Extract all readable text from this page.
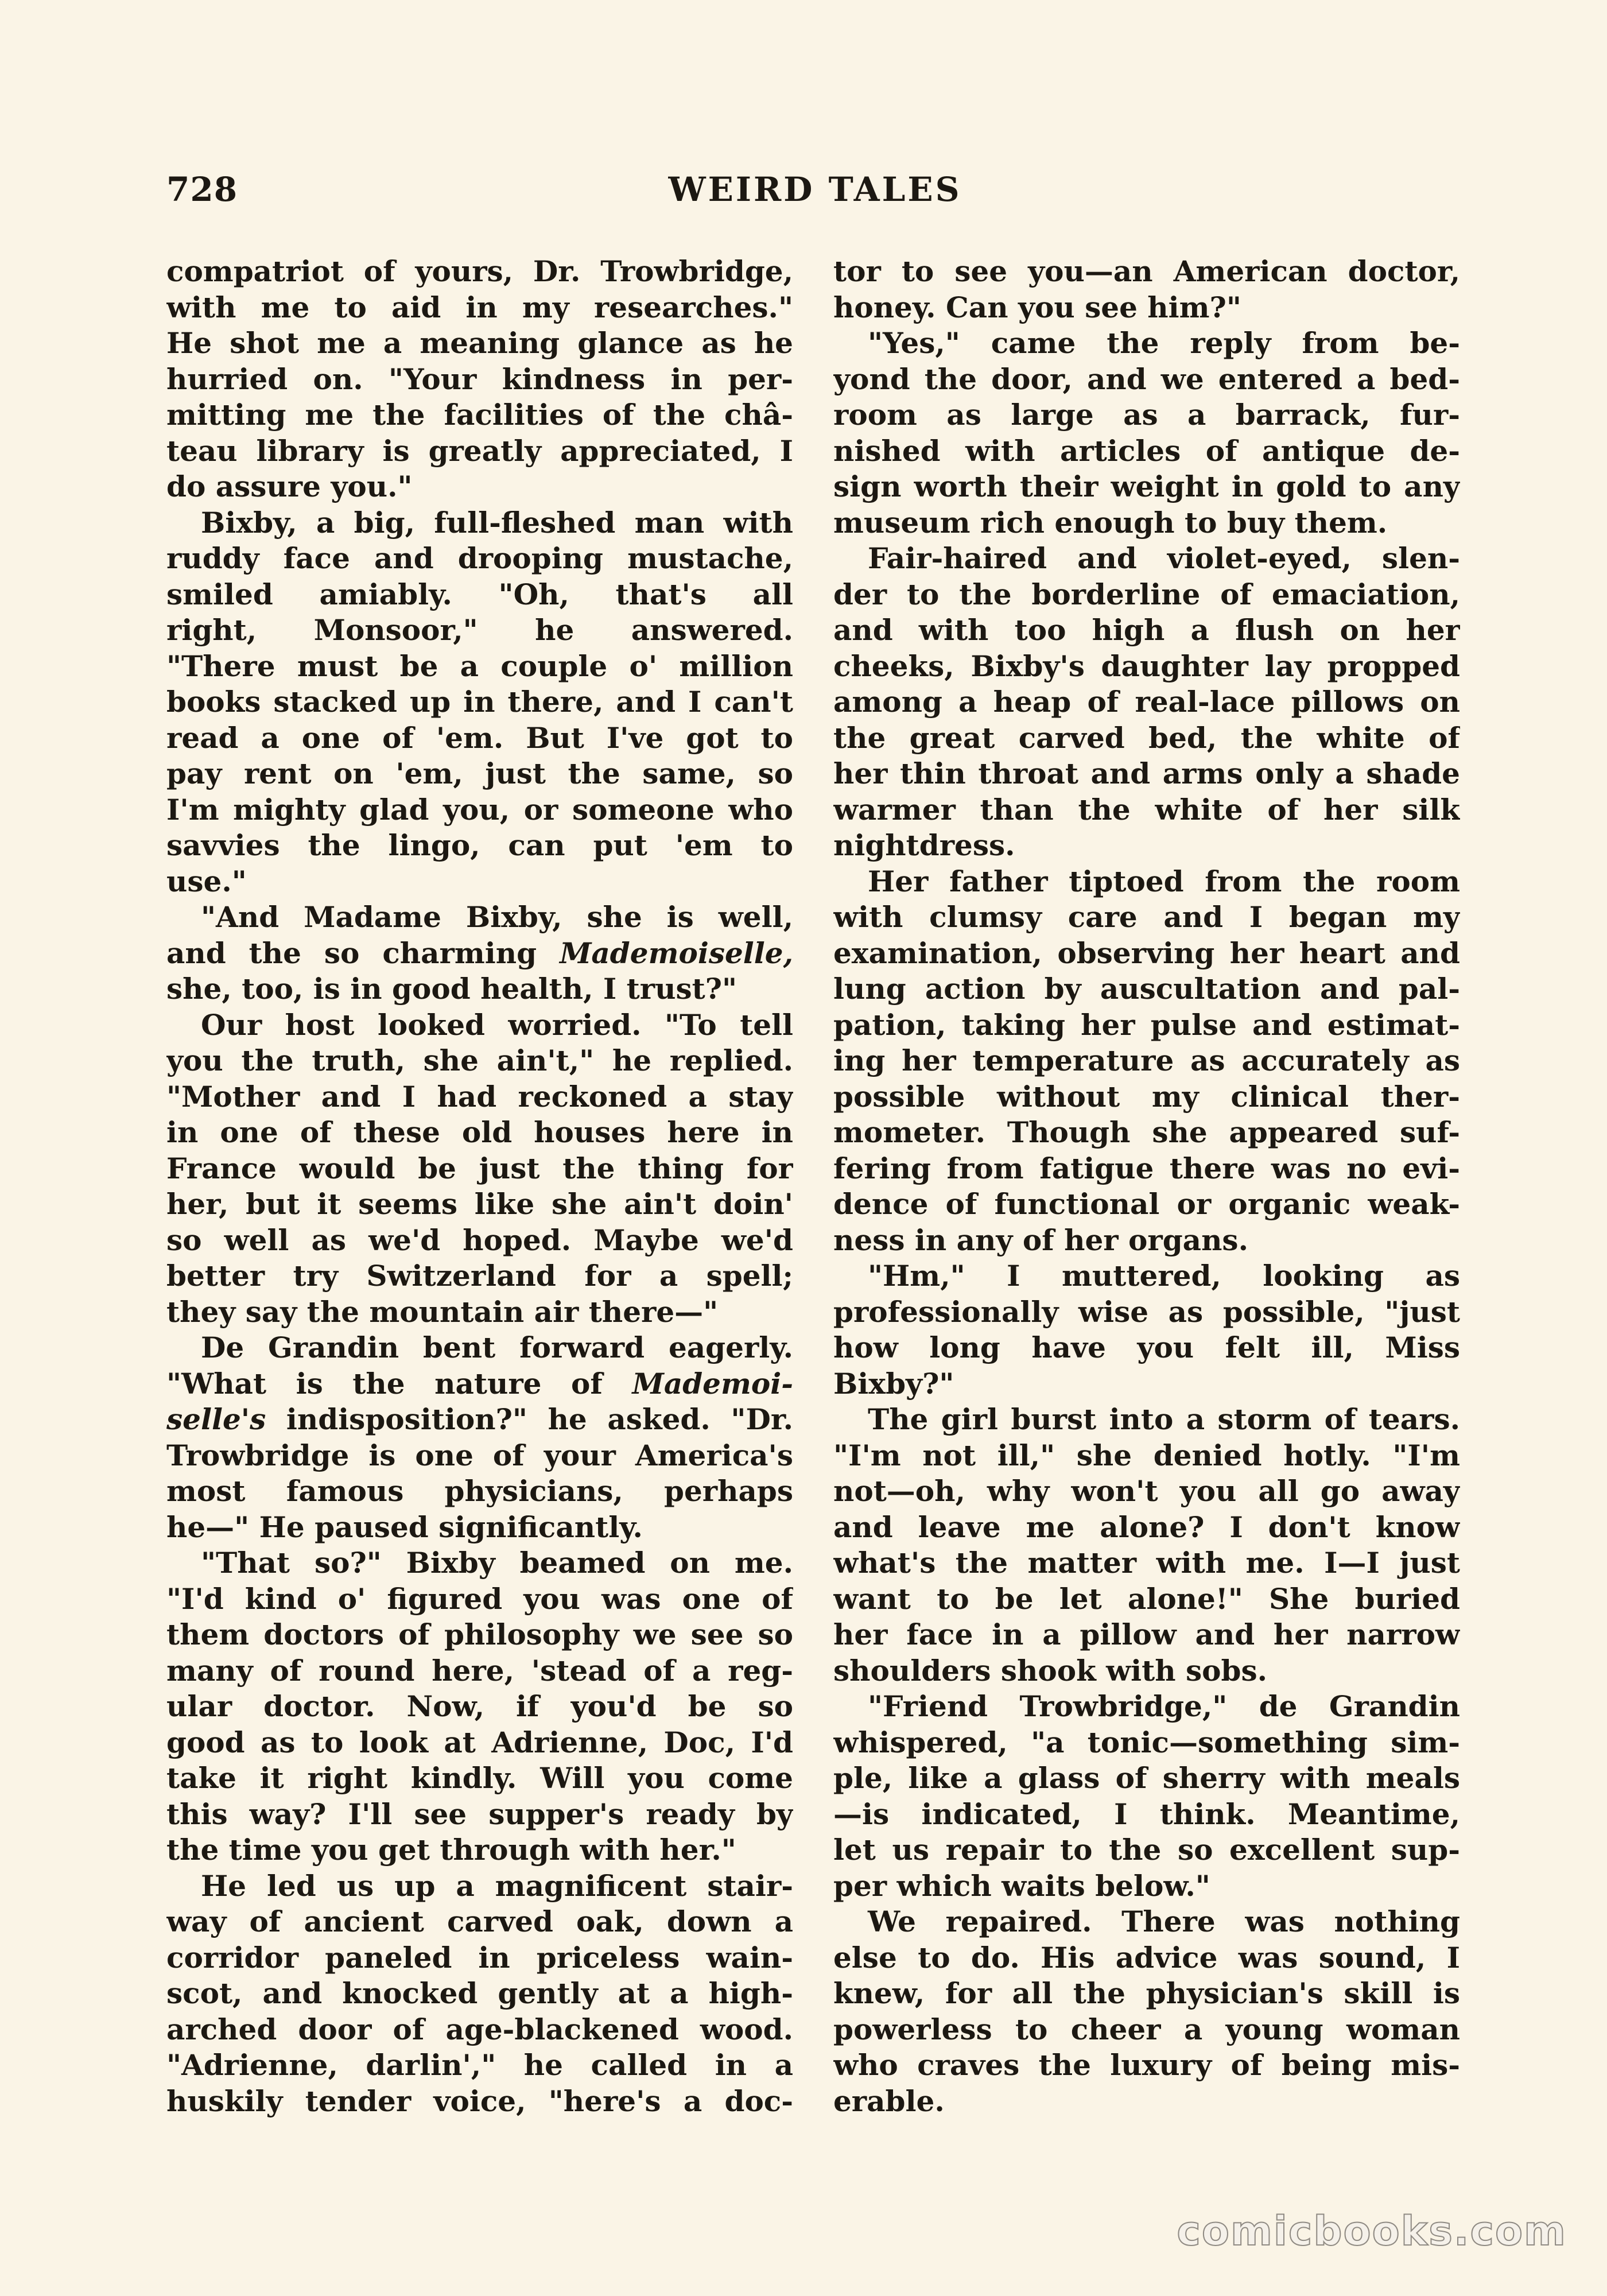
728	WEIRD TALES
compatriot of yours, Dr. Trowbridge,
with me to aid in my researches."
He shot me a meaning glance as he
hurried on. "Your kindness in per-
mitting me the facilities of the châ-
teau library is greatly appreciated, I
do assure you."
Bixby, a big, full-fleshed man with
ruddy face and drooping mustache,
smiled amiably. "Oh, that's all
right, Monsoor," he answered.
"There must be a couple o' million
books stacked up in there, and I can't
read a one of 'em. But I've got to
pay rent on 'em, just the same, so
I'm mighty glad you, or someone who
savvies the lingo, can put 'em to
use."
"And Madame Bixby, she is well,
and the so charming Mademoiselle,
she, too, is in good health, I trust?"
Our host looked worried. "To tell
you the truth, she ain't," he replied.
"Mother and I had reckoned a stay
in one of these old houses here in
France would be just the thing for
her, but it seems like she ain't doin'
so well as we'd hoped. Maybe we'd
better try Switzerland for a spell;
they say the mountain air there—"
De Grandin bent forward eagerly.
"What is the nature of Mademoi-
selle's indisposition?" he asked. "Dr.
Trowbridge is one of your America's
most famous physicians, perhaps
he—" He paused significantly.
"That so?" Bixby beamed on me.
"I'd kind o' figured you was one of
them doctors of philosophy we see so
many of round here, 'stead of a reg-
ular doctor. Now, if you'd be so
good as to look at Adrienne, Doc, I'd
take it right kindly. Will you come
this way? I'll see supper's ready by
the time you get through with her."
He led us up a magnificent stair-
way of ancient carved oak, down a
corridor paneled in priceless wain-
scot, and knocked gently at a high-
arched door of age-blackened wood.
"Adrienne, darlin'," he called in a
huskily tender voice, "here's a doc-
tor to see you—an American doctor,
honey. Can you see him?"
"Yes," came the reply from be-
yond the door, and we entered a bed-
room as large as a barrack, fur-
nished with articles of antique de-
sign worth their weight in gold to any
museum rich enough to buy them.
Fair-haired and violet-eyed, slen-
der to the borderline of emaciation,
and with too high a flush on her
cheeks, Bixby's daughter lay propped
among a heap of real-lace pillows on
the great carved bed, the white of
her thin throat and arms only a shade
warmer than the white of her silk
nightdress.
Her father tiptoed from the room
with clumsy care and I began my
examination, observing her heart and
lung action by auscultation and pal-
pation, taking her pulse and estimat-
ing her temperature as accurately as
possible without my clinical ther-
mometer. Though she appeared suf-
fering from fatigue there was no evi-
dence of functional or organic weak-
ness in any of her organs.
"Hm," I muttered, looking as
professionally wise as possible, "just
how long have you felt ill, Miss
Bixby?"
The girl burst into a storm of tears.
"I'm not ill," she denied hotly. "I'm
not—oh, why won't you all go away
and leave me alone? I don't know
what's the matter with me. I—I just
want to be let alone!" She buried
her face in a pillow and her narrow
shoulders shook with sobs.
"Friend Trowbridge," de Grandin
whispered, "a tonic—something sim-
ple, like a glass of sherry with meals
—is indicated, I think. Meantime,
let us repair to the so excellent sup-
per which waits below."
We repaired. There was nothing
else to do. His advice was sound, I
knew, for all the physician's skill is
powerless to cheer a young woman
who craves the luxury of being mis-
erable.
comicbooks.com
